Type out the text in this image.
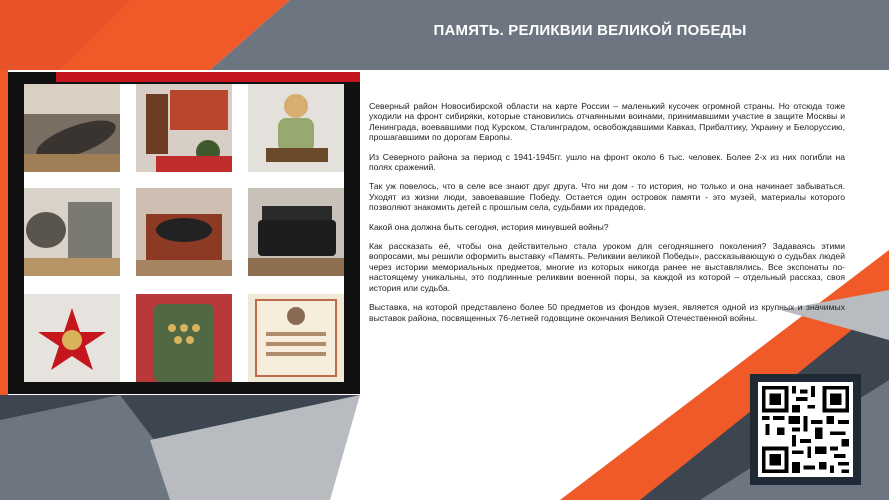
ПАМЯТЬ. РЕЛИКВИИ ВЕЛИКОЙ ПОБЕДЫ

Северный район Новосибирской области на карте России – маленький кусочек огромной страны. Но отсюда тоже уходили на фронт сибиряки, которые становились отчаянными воинами, принимавшими участие в защите Москвы и Ленинграда, воевавшими под Курском, Сталинградом, освобождавшими Кавказ, Прибалтику, Украину и Белоруссию, прошагавшими по дорогам Европы.

Из Северного района за период с 1941-1945гг. ушло на фронт около 6 тыс. человек. Более 2-х из них погибли на полях сражений.

Так уж повелось, что в селе все знают друг друга. Что ни дом - то история, но только и она начинает забываться. Уходят из жизни люди, завоевавшие Победу. Остается один островок памяти - это музей, материалы которого позволяют знакомить детей с прошлым села, судьбами их прадедов.

Какой она должна быть сегодня, история минувшей войны?

Как рассказать её, чтобы она действительно стала уроком для сегодняшнего поколения? Задаваясь этими вопросами, мы решили оформить выставку «Память. Реликвии великой Победы», рассказывающую о судьбах людей через истории мемориальных предметов, многие из которых никогда ранее не выставлялись. Все экспонаты по-настоящему уникальны, это подлинные реликвии военной поры, за каждой из которой – отдельный рассказ, своя история или судьба.

Выставка, на которой представлено более 50 предметов из фондов музея, является одной из крупных и значимых выставок района, посвященных 76-летней годовщине окончания Великой Отечественной войны.
